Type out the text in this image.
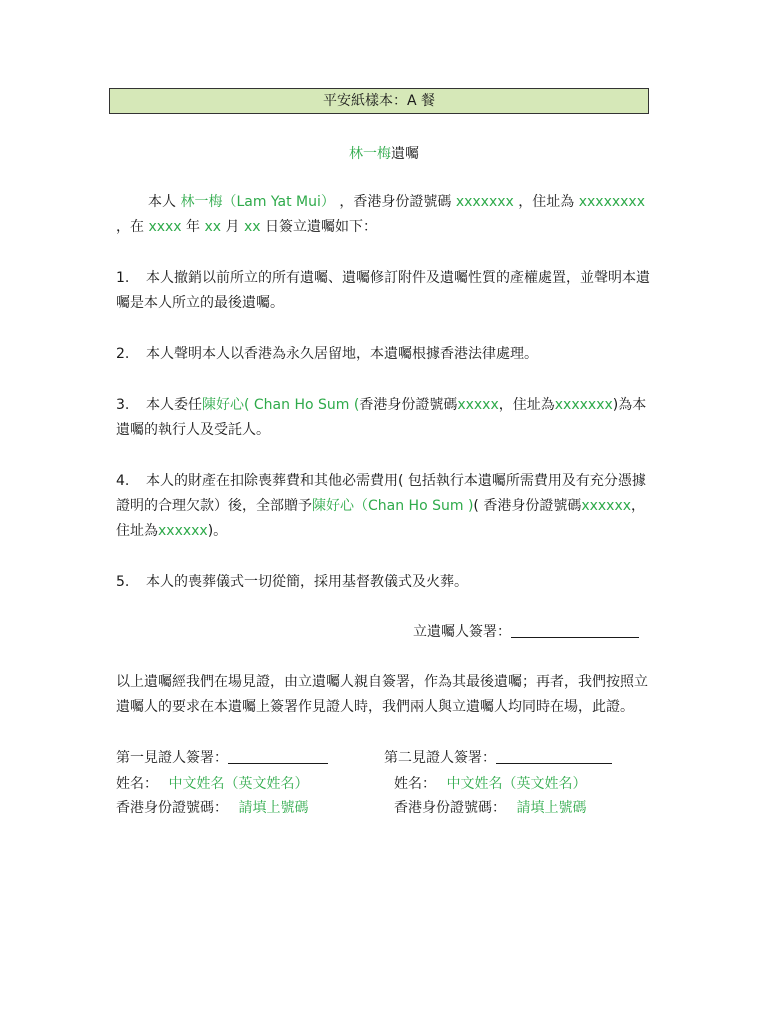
平安紙樣本：A 餐
林一梅遺囑
本人 林一梅（Lam Yat Mui） ，香港身份證號碼 xxxxxxx ，住址為 xxxxxxxx ，在 xxxx 年 xx 月 xx 日簽立遺囑如下：
1. 本人撤銷以前所立的所有遺囑、遺囑修訂附件及遺囑性質的產權處置，並聲明本遺囑是本人所立的最後遺囑。
2. 本人聲明本人以香港為永久居留地，本遺囑根據香港法律處理。
3. 本人委任陳好心( Chan Ho Sum (香港身份證號碼xxxxx，住址為xxxxxxx)為本遺囑的執行人及受託人。
4. 本人的財產在扣除喪葬費和其他必需費用( 包括執行本遺囑所需費用及有充分憑據證明的合理欠款）後，全部贈予陳好心（Chan Ho Sum )( 香港身份證號碼xxxxxx，住址為xxxxxx)。
5. 本人的喪葬儀式一切從簡，採用基督教儀式及火葬。
立遺囑人簽署：
以上遺囑經我們在場見證，由立遺囑人親自簽署，作為其最後遺囑；再者，我們按照立遺囑人的要求在本遺囑上簽署作見證人時，我們兩人與立遺囑人均同時在場，此證。
第一見證人簽署：	第二見證人簽署：
姓名： 中文姓名（英文姓名）	姓名： 中文姓名（英文姓名）
香港身份證號碼： 請填上號碼	香港身份證號碼： 請填上號碼
